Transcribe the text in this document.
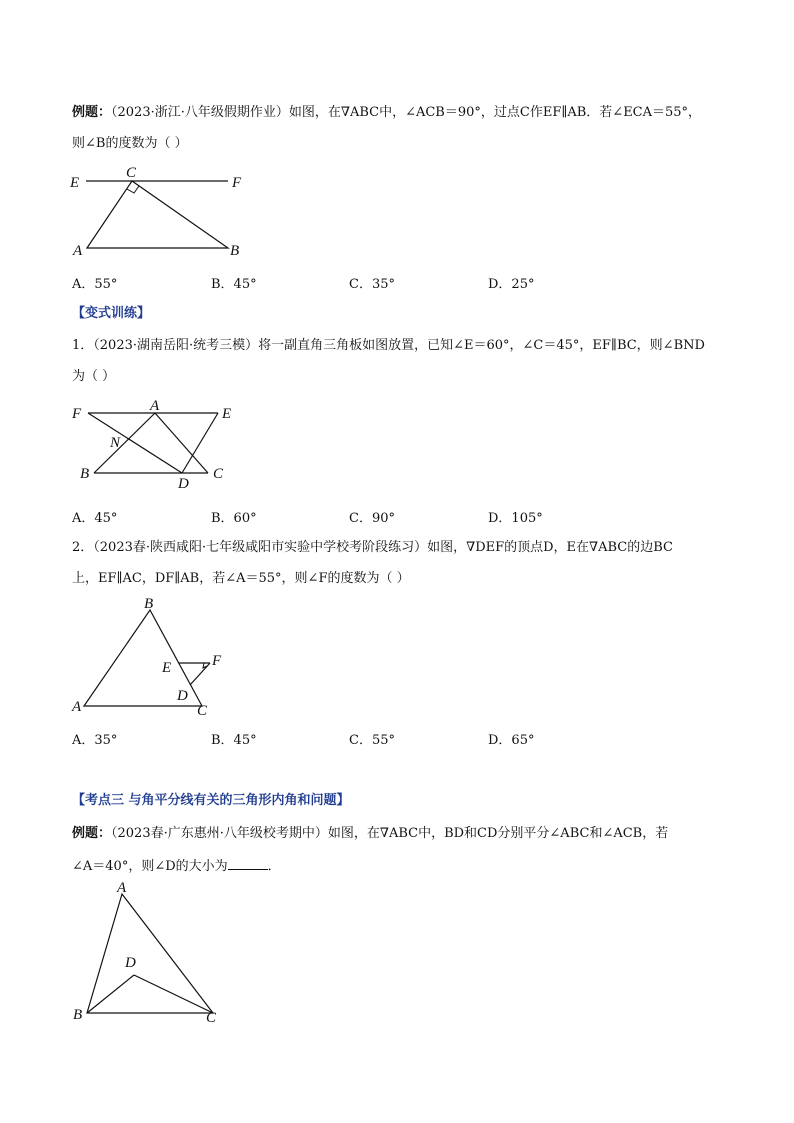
例题：（2023·浙江·八年级假期作业）如图，在∇ABC中，∠ACB＝90°，过点C作EF∥AB．若∠ECA＝55°，
则∠B的度数为（ ）
E
C
F
A	B
A．55°	B．45°	C．35°	D．25°
【变式训练】
1．（2023·湖南岳阳·统考三模）将一副直角三角板如图放置，已知∠E＝60°，∠C＝45°，EF∥BC，则∠BND
为（ ）
F	A	E
N
B
D
C
A．45°	B．60°	C．90°	D．105°
2．（2023春·陕西咸阳·七年级咸阳市实验中学校考阶段练习）如图，∇DEF的顶点D，E在∇ABC的边BC
上，EF∥AC，DF∥AB，若∠A＝55°，则∠F的度数为（ ）
B
E	F
D
A	C
A．35°	B．45°	C．55°	D．65°
【考点三 与角平分线有关的三角形内角和问题】
例题：（2023春·广东惠州·八年级校考期中）如图，在∇ABC中，BD和CD分别平分∠ABC和∠ACB，若
∠A＝40°，则∠D的大小为	．
A
D
B	C
